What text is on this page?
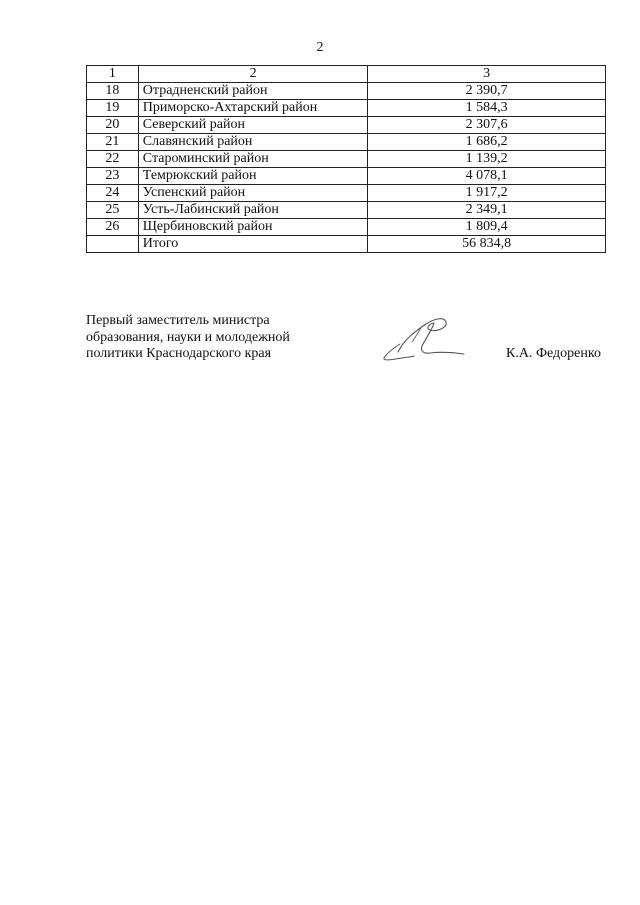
2
1	2	3
18	Отрадненский район	2 390,7
19	Приморско-Ахтарский район	1 584,3
20	Северский район	2 307,6
21	Славянский район	1 686,2
22	Староминский район	1 139,2
23	Темрюкский район	4 078,1
24	Успенский район	1 917,2
25	Усть-Лабинский район	2 349,1
26	Щербиновский район	1 809,4
	Итого	56 834,8
Первый заместитель министра
образования, науки и молодежной
политики Краснодарского края	К.А. Федоренко
